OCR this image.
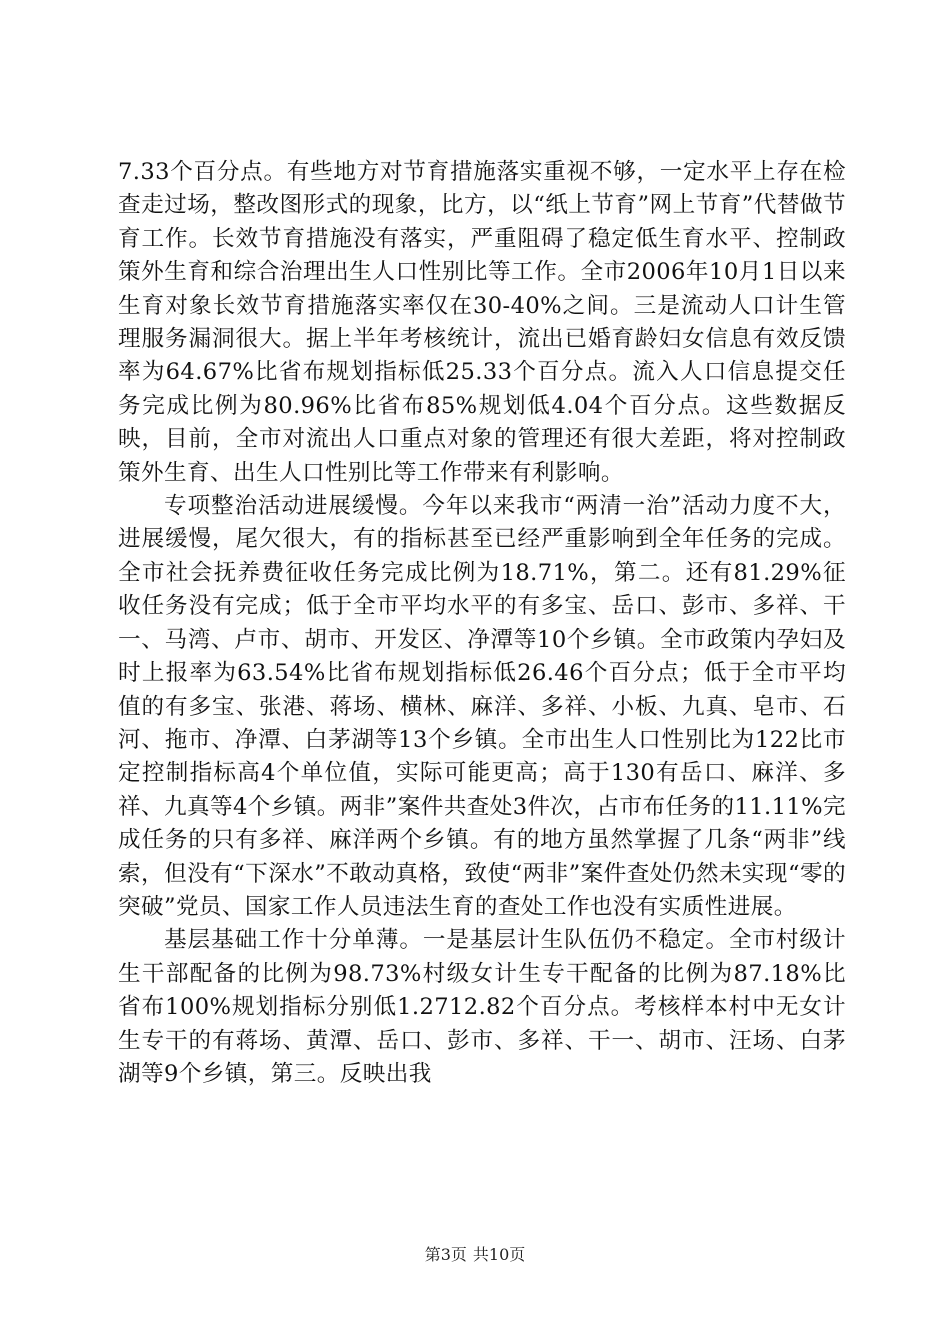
7.33个百分点。有些地方对节育措施落实重视不够，一定水平上存在检查走过场，整改图形式的现象，比方，以“纸上节育”网上节育”代替做节育工作。长效节育措施没有落实，严重阻碍了稳定低生育水平、控制政策外生育和综合治理出生人口性别比等工作。全市2006年10月1日以来生育对象长效节育措施落实率仅在30-40%之间。三是流动人口计生管理服务漏洞很大。据上半年考核统计，流出已婚育龄妇女信息有效反馈率为64.67%比省布规划指标低25.33个百分点。流入人口信息提交任务完成比例为80.96%比省布85%规划低4.04个百分点。这些数据反映，目前，全市对流出人口重点对象的管理还有很大差距，将对控制政策外生育、出生人口性别比等工作带来有利影响。

专项整治活动进展缓慢。今年以来我市“两清一治”活动力度不大，进展缓慢，尾欠很大，有的指标甚至已经严重影响到全年任务的完成。全市社会抚养费征收任务完成比例为18.71%，第二。还有81.29%征收任务没有完成；低于全市平均水平的有多宝、岳口、彭市、多祥、干一、马湾、卢市、胡市、开发区、净潭等10个乡镇。全市政策内孕妇及时上报率为63.54%比省布规划指标低26.46个百分点；低于全市平均值的有多宝、张港、蒋场、横林、麻洋、多祥、小板、九真、皂市、石河、拖市、净潭、白茅湖等13个乡镇。全市出生人口性别比为122比市定控制指标高4个单位值，实际可能更高；高于130有岳口、麻洋、多祥、九真等4个乡镇。两非”案件共查处3件次，占市布任务的11.11%完成任务的只有多祥、麻洋两个乡镇。有的地方虽然掌握了几条“两非”线索，但没有“下深水”不敢动真格，致使“两非”案件查处仍然未实现“零的突破”党员、国家工作人员违法生育的查处工作也没有实质性进展。

基层基础工作十分单薄。一是基层计生队伍仍不稳定。全市村级计生干部配备的比例为98.73%村级女计生专干配备的比例为87.18%比省布100%规划指标分别低1.2712.82个百分点。考核样本村中无女计生专干的有蒋场、黄潭、岳口、彭市、多祥、干一、胡市、汪场、白茅湖等9个乡镇，第三。反映出我

第3页 共10页
